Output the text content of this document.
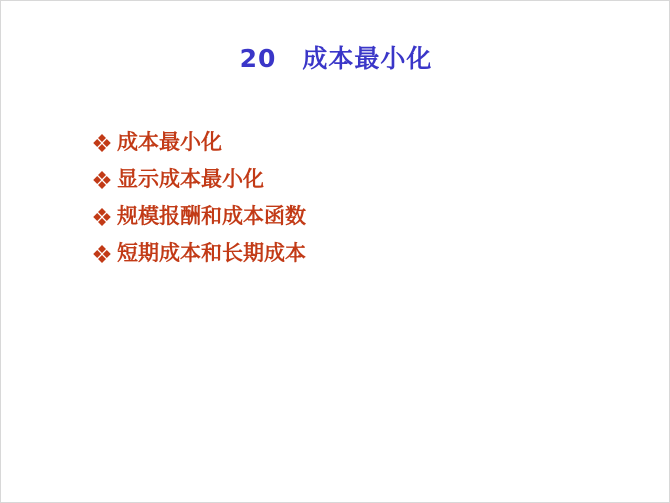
20 成本最小化
成本最小化
显示成本最小化
规模报酬和成本函数
短期成本和长期成本
